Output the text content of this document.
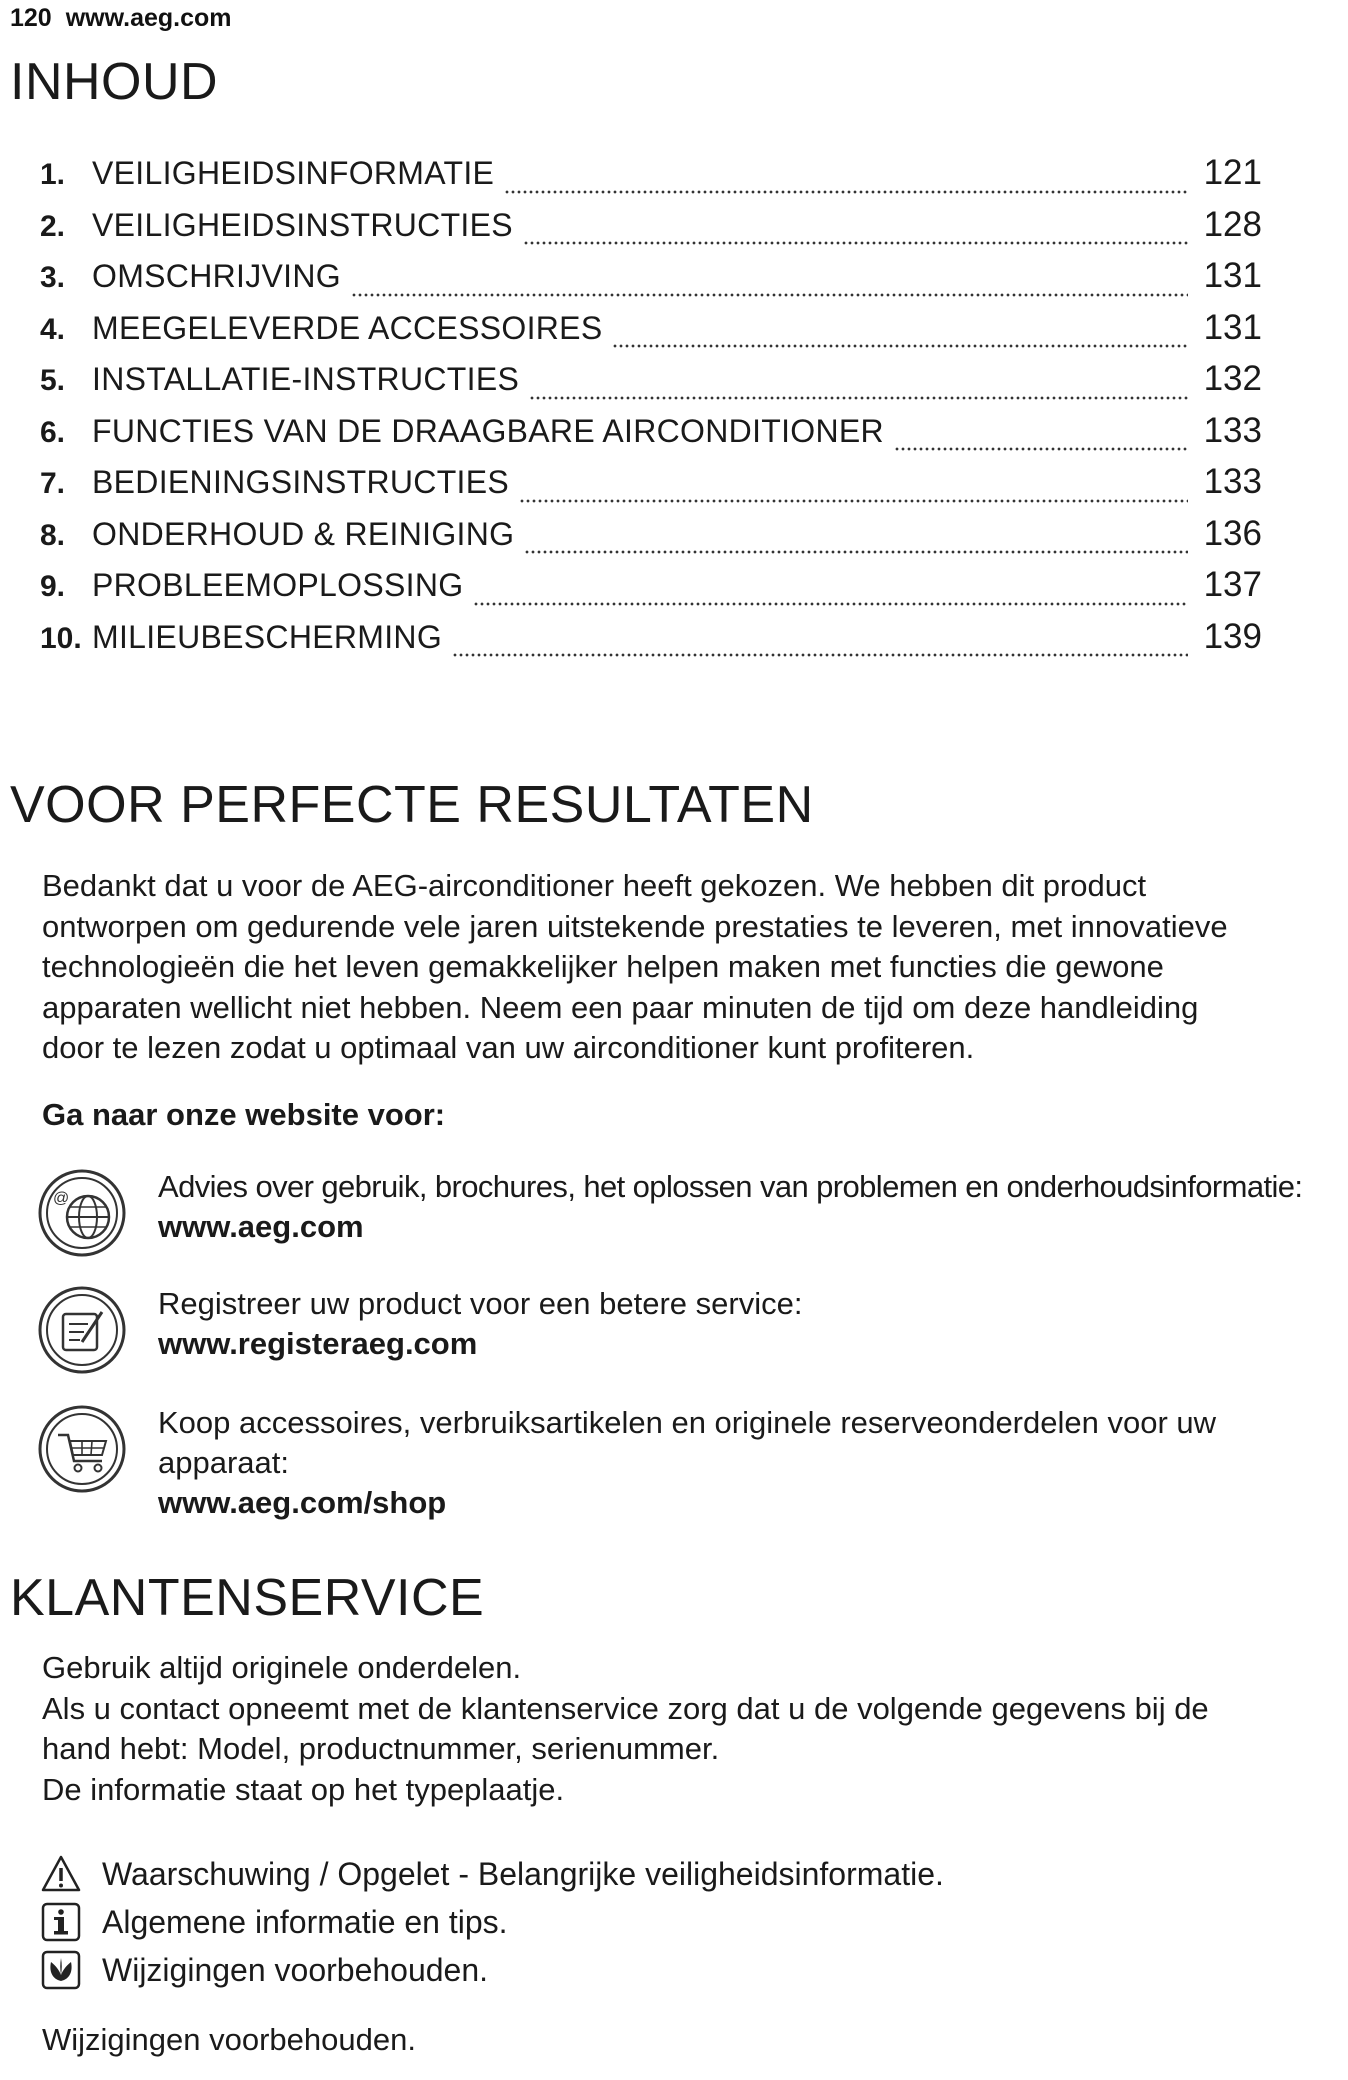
120 www.aeg.com
INHOUD
1. VEILIGHEIDSINFORMATIE	121
2. VEILIGHEIDSINSTRUCTIES	128
3. OMSCHRIJVING	131
4. MEEGELEVERDE ACCESSOIRES	131
5. INSTALLATIE-INSTRUCTIES	132
6. FUNCTIES VAN DE DRAAGBARE AIRCONDITIONER	133
7. BEDIENINGSINSTRUCTIES	133
8. ONDERHOUD & REINIGING	136
9. PROBLEEMOPLOSSING	137
10. MILIEUBESCHERMING	139
VOOR PERFECTE RESULTATEN

Bedankt dat u voor de AEG-airconditioner heeft gekozen. We hebben dit product
ontworpen om gedurende vele jaren uitstekende prestaties te leveren, met innovatieve
technologieën die het leven gemakkelijker helpen maken met functies die gewone
apparaten wellicht niet hebben. Neem een paar minuten de tijd om deze handleiding
door te lezen zodat u optimaal van uw airconditioner kunt profiteren.

Ga naar onze website voor:

@	Advies over gebruik, brochures, het oplossen van problemen en onderhoudsinformatie:
www.aeg.com
Registreer uw product voor een betere service:
www.registeraeg.com
Koop accessoires, verbruiksartikelen en originele reserveonderdelen voor uw
apparaat:
www.aeg.com/shop
KLANTENSERVICE

Gebruik altijd originele onderdelen.
Als u contact opneemt met de klantenservice zorg dat u de volgende gegevens bij de
hand hebt: Model, productnummer, serienummer.
De informatie staat op het typeplaatje.

Waarschuwing / Opgelet - Belangrijke veiligheidsinformatie.
Algemene informatie en tips.
Wijzigingen voorbehouden.
Wijzigingen voorbehouden.
